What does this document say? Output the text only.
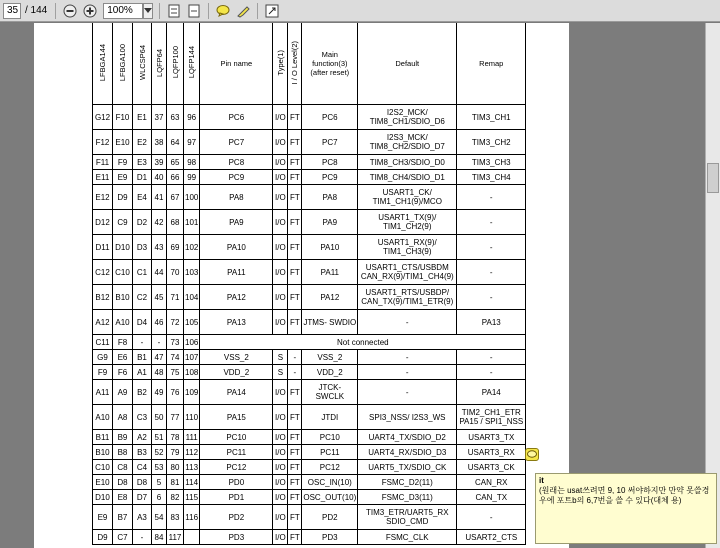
35 / 144	100%
LFBGA144	LFBGA100	WLCSP64	LQFP64	LQFP100	LQFP144	Pin name	Type(1)	I / O Level(2)	Main function(3) (after reset)	Default	Remap
G12	F10	E1	37	63	96	PC6	I/O	FT	PC6	I2S2_MCK/ TIM8_CH1/SDIO_D6	TIM3_CH1
F12	E10	E2	38	64	97	PC7	I/O	FT	PC7	I2S3_MCK/ TIM8_CH2/SDIO_D7	TIM3_CH2
F11	F9	E3	39	65	98	PC8	I/O	FT	PC8	TIM8_CH3/SDIO_D0	TIM3_CH3
E11	E9	D1	40	66	99	PC9	I/O	FT	PC9	TIM8_CH4/SDIO_D1	TIM3_CH4
E12	D9	E4	41	67	100	PA8	I/O	FT	PA8	USART1_CK/ TIM1_CH1(9)/MCO	-
D12	C9	D2	42	68	101	PA9	I/O	FT	PA9	USART1_TX(9)/ TIM1_CH2(9)	-
D11	D10	D3	43	69	102	PA10	I/O	FT	PA10	USART1_RX(9)/ TIM1_CH3(9)	-
C12	C10	C1	44	70	103	PA11	I/O	FT	PA11	USART1_CTS/USBDM CAN_RX(9)/TIM1_CH4(9)	-
B12	B10	C2	45	71	104	PA12	I/O	FT	PA12	USART1_RTS/USBDP/ CAN_TX(9)/TIM1_ETR(9)	-
A12	A10	D4	46	72	105	PA13	I/O	FT	JTMS- SWDIO	-	PA13
C11	F8	-	-	73	106	Not connected					
G9	E6	B1	47	74	107	VSS_2	S	-	VSS_2	-	-
F9	F6	A1	48	75	108	VDD_2	S	-	VDD_2	-	-
A11	A9	B2	49	76	109	PA14	I/O	FT	JTCK- SWCLK	-	PA14
A10	A8	C3	50	77	110	PA15	I/O	FT	JTDI	SPI3_NSS/ I2S3_WS	TIM2_CH1_ETR PA15 / SPI1_NSS
B11	B9	A2	51	78	111	PC10	I/O	FT	PC10	UART4_TX/SDIO_D2	USART3_TX
B10	B8	B3	52	79	112	PC11	I/O	FT	PC11	UART4_RX/SDIO_D3	USART3_RX
C10	C8	C4	53	80	113	PC12	I/O	FT	PC12	UART5_TX/SDIO_CK	USART3_CK
E10	D8	D8	5	81	114	PD0	I/O	FT	OSC_IN(10)	FSMC_D2(11)	CAN_RX
D10	E8	D7	6	82	115	PD1	I/O	FT	OSC_OUT(10)	FSMC_D3(11)	CAN_TX
E9	B7	A3	54	83	116	PD2	I/O	FT	PD2	TIM3_ETR/UART5_RX SDIO_CMD	-
D9	C7	-	84	117		PD3	I/O	FT	PD3	FSMC_CLK	USART2_CTS
it
(원래는 usat쓰려면 9, 10 써야하지만 만약 못쓸경우에 포트b의 6,7번을 쓸 수 있다(대체 용)
